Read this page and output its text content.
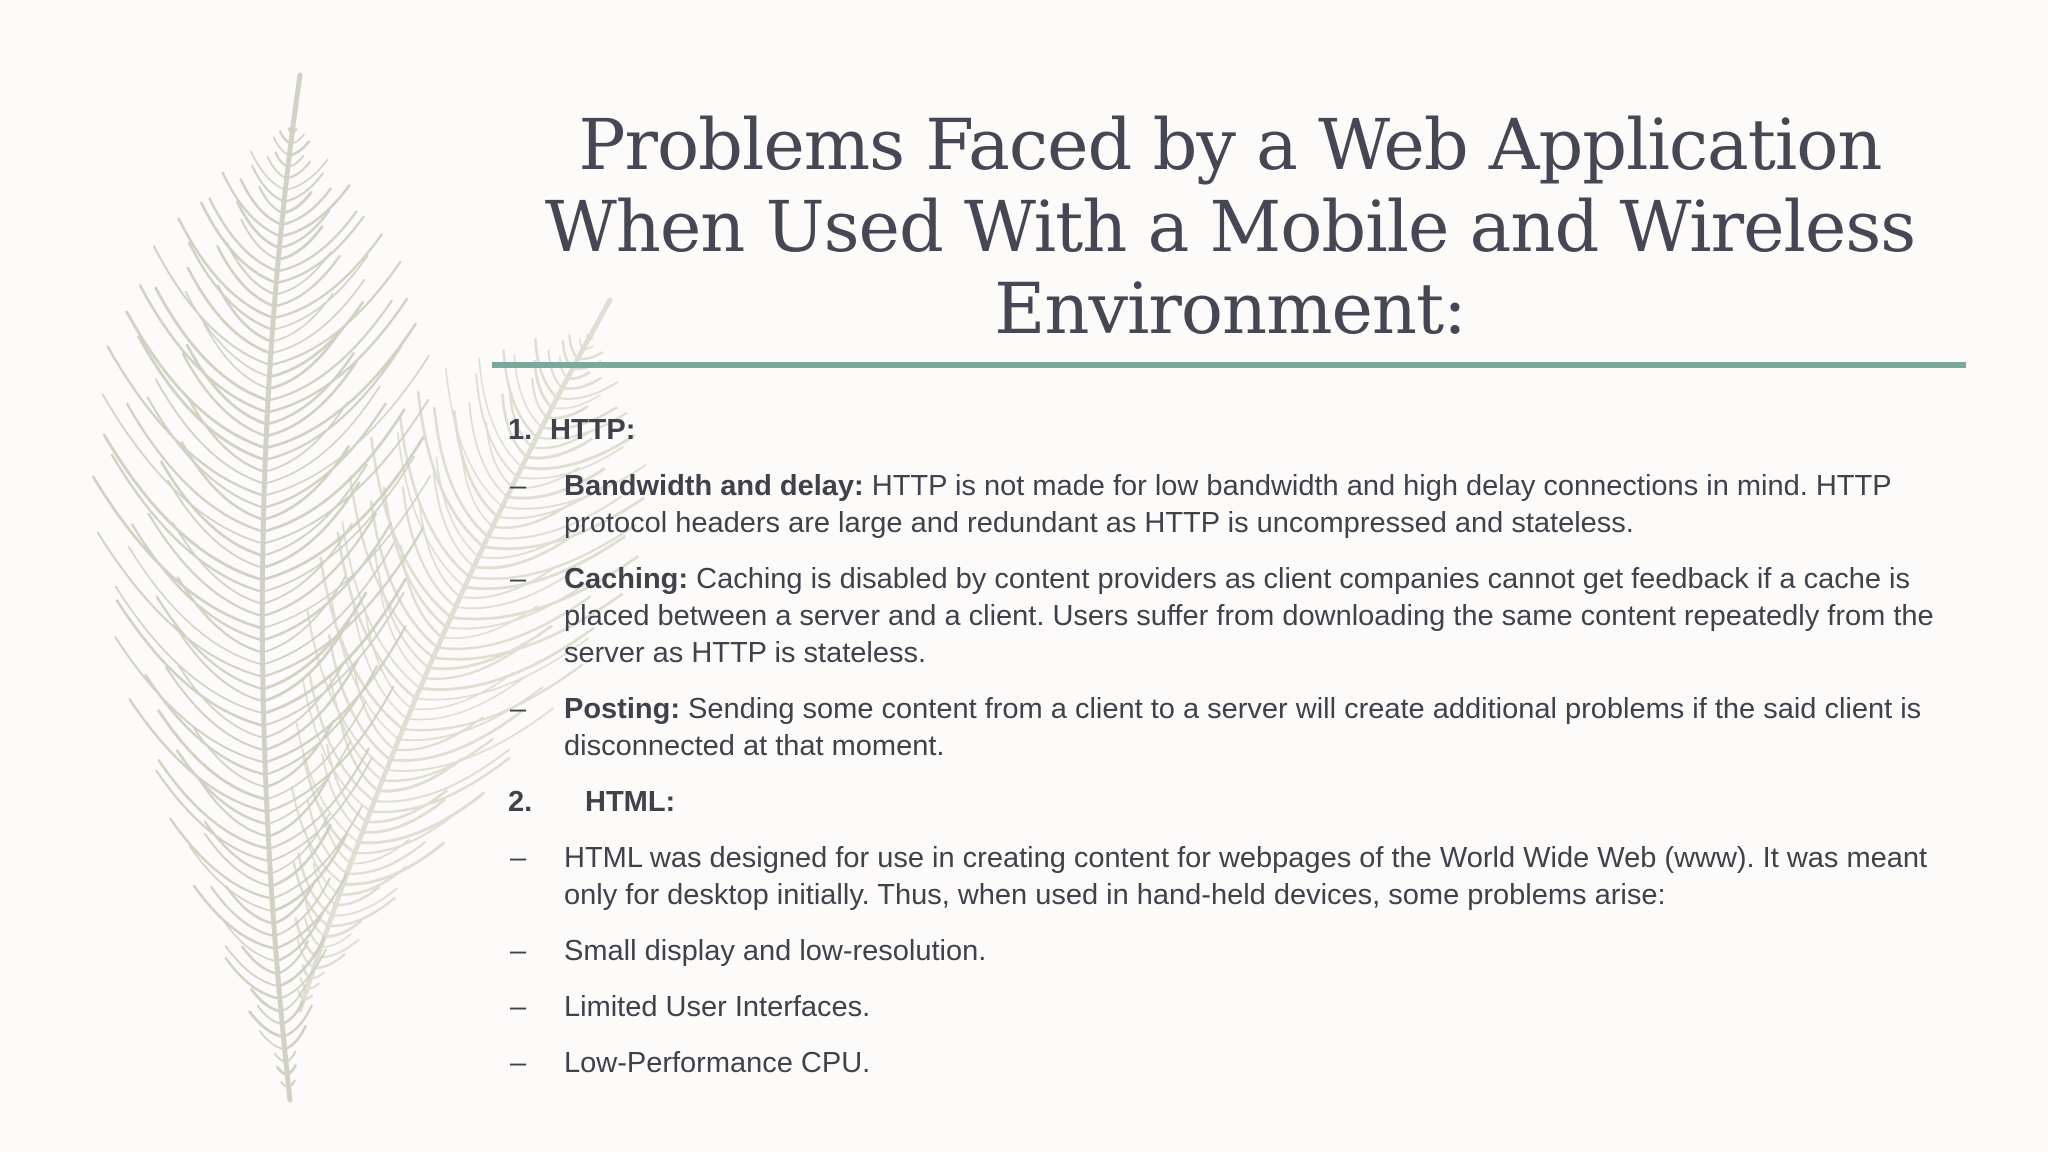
Problems Faced by a Web Application When Used With a Mobile and Wireless Environment:
1. HTTP:
–	Bandwidth and delay: HTTP is not made for low bandwidth and high delay connections in mind. HTTP protocol headers are large and redundant as HTTP is uncompressed and stateless.
–	Caching: Caching is disabled by content providers as client companies cannot get feedback if a cache is placed between a server and a client. Users suffer from downloading the same content repeatedly from the server as HTTP is stateless.
–	Posting: Sending some content from a client to a server will create additional problems if the said client is disconnected at that moment.
2.	HTML:
–	HTML was designed for use in creating content for webpages of the World Wide Web (www). It was meant only for desktop initially. Thus, when used in hand-held devices, some problems arise:
–	Small display and low-resolution.
–	Limited User Interfaces.
–	Low-Performance CPU.
